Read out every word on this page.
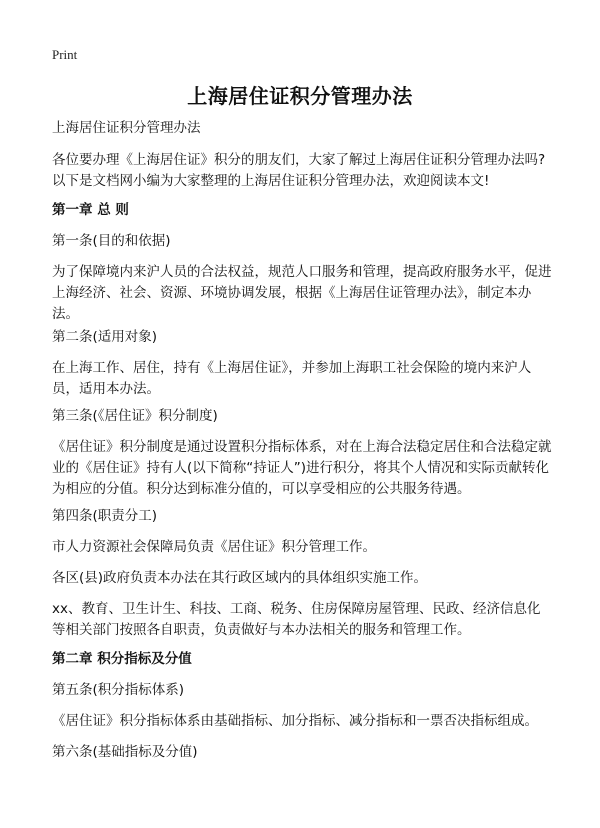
Print
上海居住证积分管理办法
上海居住证积分管理办法
各位要办理《上海居住证》积分的朋友们，大家了解过上海居住证积分管理办法吗?以下是文档网小编为大家整理的上海居住证积分管理办法，欢迎阅读本文!
第一章 总 则
第一条(目的和依据)
为了保障境内来沪人员的合法权益，规范人口服务和管理，提高政府服务水平，促进上海经济、社会、资源、环境协调发展，根据《上海居住证管理办法》，制定本办法。
第二条(适用对象)
在上海工作、居住，持有《上海居住证》，并参加上海职工社会保险的境内来沪人员，适用本办法。
第三条(《居住证》积分制度)
《居住证》积分制度是通过设置积分指标体系，对在上海合法稳定居住和合法稳定就业的《居住证》持有人(以下简称“持证人”)进行积分，将其个人情况和实际贡献转化为相应的分值。积分达到标准分值的，可以享受相应的公共服务待遇。
第四条(职责分工)
市人力资源社会保障局负责《居住证》积分管理工作。
各区(县)政府负责本办法在其行政区域内的具体组织实施工作。
xx、教育、卫生计生、科技、工商、税务、住房保障房屋管理、民政、经济信息化等相关部门按照各自职责，负责做好与本办法相关的服务和管理工作。
第二章 积分指标及分值
第五条(积分指标体系)
《居住证》积分指标体系由基础指标、加分指标、减分指标和一票否决指标组成。
第六条(基础指标及分值)
